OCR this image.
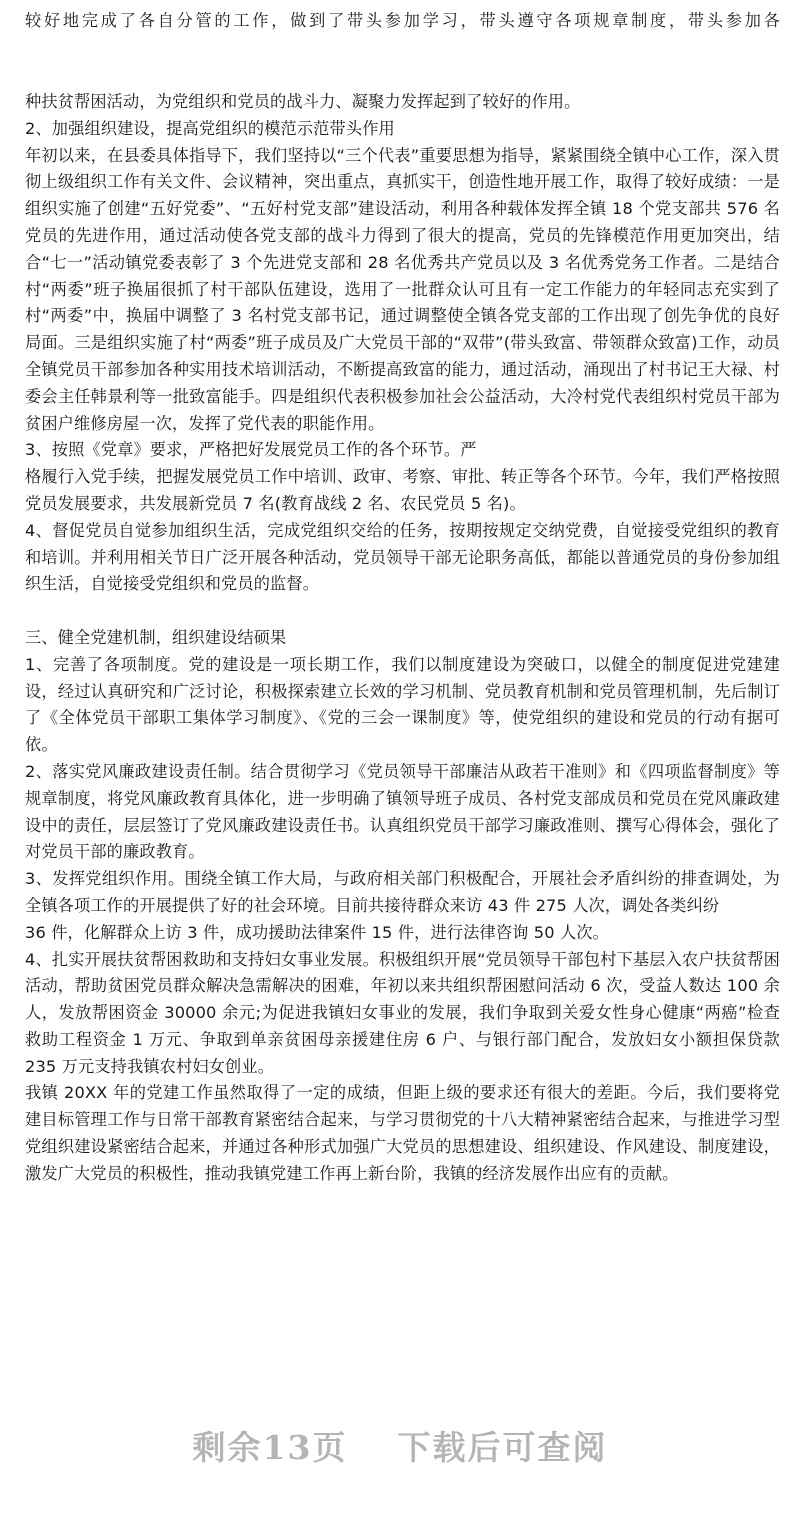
较好地完成了各自分管的工作，做到了带头参加学习，带头遵守各项规章制度，带头参加各

种扶贫帮困活动，为党组织和党员的战斗力、凝聚力发挥起到了较好的作用。

2、加强组织建设，提高党组织的模范示范带头作用

年初以来，在县委具体指导下，我们坚持以“三个代表”重要思想为指导，紧紧围绕全镇中心工作，深入贯彻上级组织工作有关文件、会议精神，突出重点，真抓实干，创造性地开展工作，取得了较好成绩：一是组织实施了创建“五好党委”、“五好村党支部”建设活动，利用各种载体发挥全镇 18 个党支部共 576 名党员的先进作用，通过活动使各党支部的战斗力得到了很大的提高，党员的先锋模范作用更加突出，结合“七一”活动镇党委表彰了 3 个先进党支部和 28 名优秀共产党员以及 3 名优秀党务工作者。二是结合村“两委”班子换届很抓了村干部队伍建设，选用了一批群众认可且有一定工作能力的年轻同志充实到了村“两委”中，换届中调整了 3 名村党支部书记，通过调整使全镇各党支部的工作出现了创先争优的良好局面。三是组织实施了村“两委”班子成员及广大党员干部的“双带”(带头致富、带领群众致富)工作，动员全镇党员干部参加各种实用技术培训活动，不断提高致富的能力，通过活动，涌现出了村书记王大禄、村委会主任韩景利等一批致富能手。四是组织代表积极参加社会公益活动，大冷村党代表组织村党员干部为贫困户维修房屋一次，发挥了党代表的职能作用。

3、按照《党章》要求，严格把好发展党员工作的各个环节。严

格履行入党手续，把握发展党员工作中培训、政审、考察、审批、转正等各个环节。今年，我们严格按照党员发展要求，共发展新党员 7 名(教育战线 2 名、农民党员 5 名)。

4、督促党员自觉参加组织生活，完成党组织交给的任务，按期按规定交纳党费，自觉接受党组织的教育和培训。并利用相关节日广泛开展各种活动，党员领导干部无论职务高低，都能以普通党员的身份参加组织生活，自觉接受党组织和党员的监督。

三、健全党建机制，组织建设结硕果

1、完善了各项制度。党的建设是一项长期工作，我们以制度建设为突破口，以健全的制度促进党建建设，经过认真研究和广泛讨论，积极探索建立长效的学习机制、党员教育机制和党员管理机制，先后制订了《全体党员干部职工集体学习制度》、《党的三会一课制度》等，使党组织的建设和党员的行动有据可依。

2、落实党风廉政建设责任制。结合贯彻学习《党员领导干部廉洁从政若干准则》和《四项监督制度》等规章制度，将党风廉政教育具体化，进一步明确了镇领导班子成员、各村党支部成员和党员在党风廉政建设中的责任，层层签订了党风廉政建设责任书。认真组织党员干部学习廉政准则、撰写心得体会，强化了对党员干部的廉政教育。

3、发挥党组织作用。围绕全镇工作大局，与政府相关部门积极配合，开展社会矛盾纠纷的排查调处，为全镇各项工作的开展提供了好的社会环境。目前共接待群众来访 43 件 275 人次，调处各类纠纷

36 件，化解群众上访 3 件，成功援助法律案件 15 件，进行法律咨询 50 人次。

4、扎实开展扶贫帮困救助和支持妇女事业发展。积极组织开展“党员领导干部包村下基层入农户扶贫帮困活动，帮助贫困党员群众解决急需解决的困难，年初以来共组织帮困慰问活动 6 次，受益人数达 100 余人，发放帮困资金 30000 余元;为促进我镇妇女事业的发展，我们争取到关爱女性身心健康“两癌”检查救助工程资金 1 万元、争取到单亲贫困母亲援建住房 6 户、与银行部门配合，发放妇女小额担保贷款 235 万元支持我镇农村妇女创业。

我镇 20XX 年的党建工作虽然取得了一定的成绩，但距上级的要求还有很大的差距。今后，我们要将党建目标管理工作与日常干部教育紧密结合起来，与学习贯彻党的十八大精神紧密结合起来，与推进学习型党组织建设紧密结合起来，并通过各种形式加强广大党员的思想建设、组织建设、作风建设、制度建设，激发广大党员的积极性，推动我镇党建工作再上新台阶，我镇的经济发展作出应有的贡献。

剩余13页 下载后可查阅
